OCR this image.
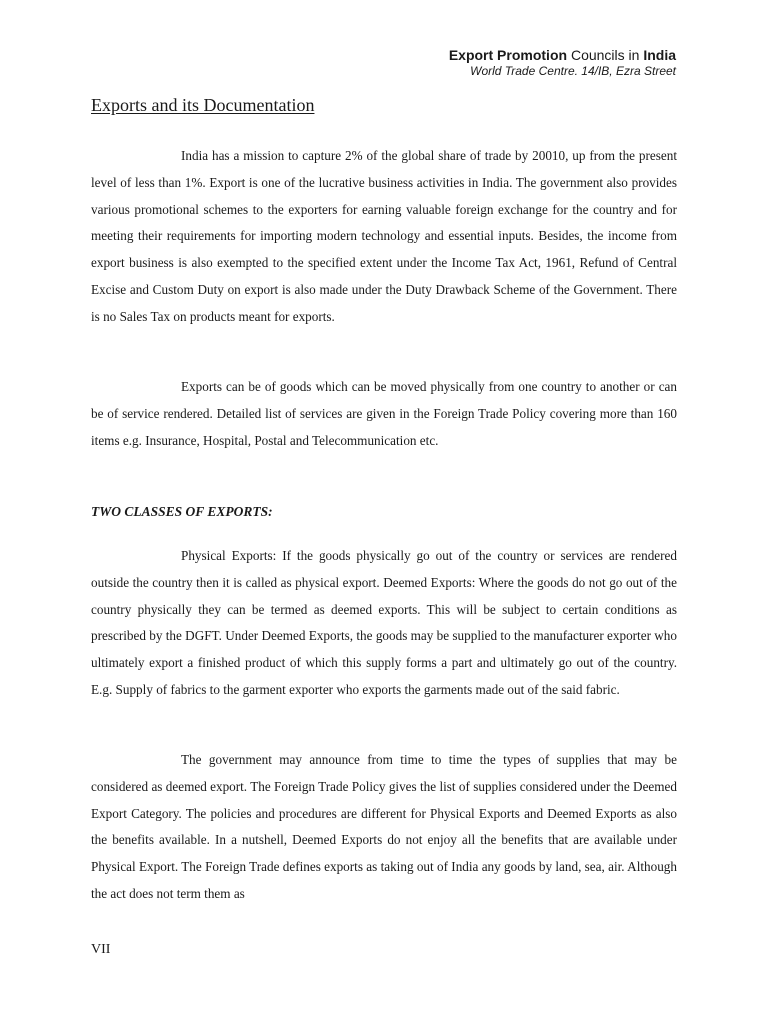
Export Promotion Councils in India
World Trade Centre. 14/IB, Ezra Street
Exports and its Documentation

India has a mission to capture 2% of the global share of trade by 20010, up from the present level of less than 1%. Export is one of the lucrative business activities in India. The government also provides various promotional schemes to the exporters for earning valuable foreign exchange for the country and for meeting their requirements for importing modern technology and essential inputs. Besides, the income from export business is also exempted to the specified extent under the Income Tax Act, 1961, Refund of Central Excise and Custom Duty on export is also made under the Duty Drawback Scheme of the Government. There is no Sales Tax on products meant for exports.

Exports can be of goods which can be moved physically from one country to another or can be of service rendered. Detailed list of services are given in the Foreign Trade Policy covering more than 160 items e.g. Insurance, Hospital, Postal and Telecommunication etc.

TWO CLASSES OF EXPORTS:

Physical Exports: If the goods physically go out of the country or services are rendered outside the country then it is called as physical export. Deemed Exports: Where the goods do not go out of the country physically they can be termed as deemed exports. This will be subject to certain conditions as prescribed by the DGFT. Under Deemed Exports, the goods may be supplied to the manufacturer exporter who ultimately export a finished product of which this supply forms a part and ultimately go out of the country. E.g. Supply of fabrics to the garment exporter who exports the garments made out of the said fabric.

The government may announce from time to time the types of supplies that may be considered as deemed export. The Foreign Trade Policy gives the list of supplies considered under the Deemed Export Category. The policies and procedures are different for Physical Exports and Deemed Exports as also the benefits available. In a nutshell, Deemed Exports do not enjoy all the benefits that are available under Physical Export. The Foreign Trade defines exports as taking out of India any goods by land, sea, air. Although the act does not term them as

VII
